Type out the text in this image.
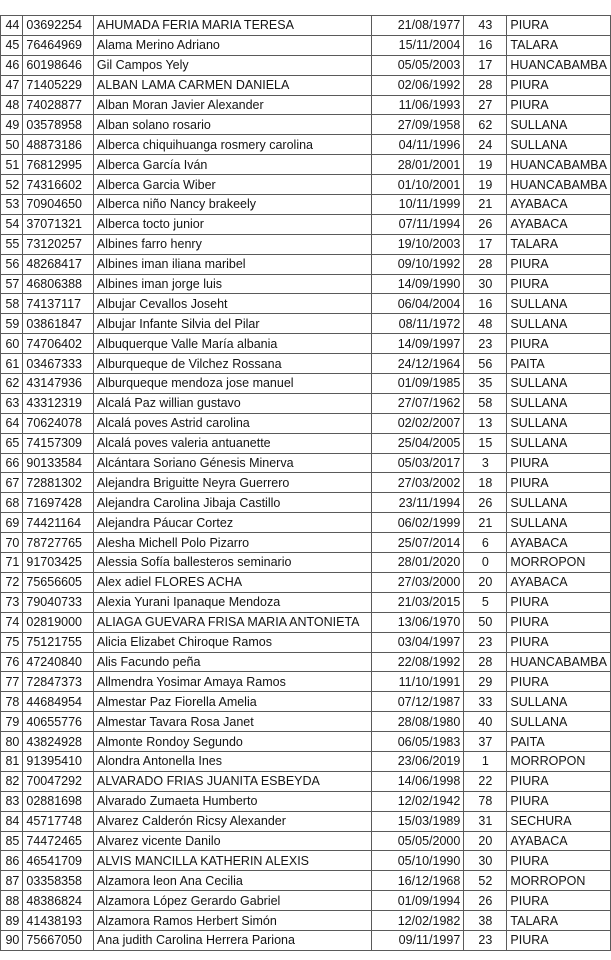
44	03692254	AHUMADA FERIA MARIA TERESA	21/08/1977	43	PIURA
45	76464969	Alama Merino Adriano	15/11/2004	16	TALARA
46	60198646	Gil Campos Yely	05/05/2003	17	HUANCABAMBA
47	71405229	ALBAN LAMA CARMEN DANIELA	02/06/1992	28	PIURA
48	74028877	Alban Moran Javier Alexander	11/06/1993	27	PIURA
49	03578958	Alban solano rosario	27/09/1958	62	SULLANA
50	48873186	Alberca chiquihuanga rosmery carolina	04/11/1996	24	SULLANA
51	76812995	Alberca García Iván	28/01/2001	19	HUANCABAMBA
52	74316602	Alberca Garcia Wiber	01/10/2001	19	HUANCABAMBA
53	70904650	Alberca niño Nancy brakeely	10/11/1999	21	AYABACA
54	37071321	Alberca tocto junior	07/11/1994	26	AYABACA
55	73120257	Albines farro henry	19/10/2003	17	TALARA
56	48268417	Albines iman iliana maribel	09/10/1992	28	PIURA
57	46806388	Albines iman jorge luis	14/09/1990	30	PIURA
58	74137117	Albujar Cevallos Joseht	06/04/2004	16	SULLANA
59	03861847	Albujar Infante Silvia del Pilar	08/11/1972	48	SULLANA
60	74706402	Albuquerque Valle María albania	14/09/1997	23	PIURA
61	03467333	Alburqueque de Vilchez Rossana	24/12/1964	56	PAITA
62	43147936	Alburqueque mendoza jose manuel	01/09/1985	35	SULLANA
63	43312319	Alcalá Paz willian gustavo	27/07/1962	58	SULLANA
64	70624078	Alcalá poves Astrid carolina	02/02/2007	13	SULLANA
65	74157309	Alcalá poves valeria antuanette	25/04/2005	15	SULLANA
66	90133584	Alcántara Soriano Génesis Minerva	05/03/2017	3	PIURA
67	72881302	Alejandra Briguitte Neyra Guerrero	27/03/2002	18	PIURA
68	71697428	Alejandra Carolina Jibaja Castillo	23/11/1994	26	SULLANA
69	74421164	Alejandra Páucar Cortez	06/02/1999	21	SULLANA
70	78727765	Alesha Michell Polo Pizarro	25/07/2014	6	AYABACA
71	91703425	Alessia Sofía ballesteros seminario	28/01/2020	0	MORROPON
72	75656605	Alex adiel FLORES ACHA	27/03/2000	20	AYABACA
73	79040733	Alexia Yurani Ipanaque Mendoza	21/03/2015	5	PIURA
74	02819000	ALIAGA GUEVARA FRISA MARIA ANTONIETA	13/06/1970	50	PIURA
75	75121755	Alicia Elizabet Chiroque Ramos	03/04/1997	23	PIURA
76	47240840	Alis Facundo peña	22/08/1992	28	HUANCABAMBA
77	72847373	Allmendra Yosimar Amaya Ramos	11/10/1991	29	PIURA
78	44684954	Almestar Paz Fiorella Amelia	07/12/1987	33	SULLANA
79	40655776	Almestar Tavara Rosa Janet	28/08/1980	40	SULLANA
80	43824928	Almonte Rondoy Segundo	06/05/1983	37	PAITA
81	91395410	Alondra Antonella Ines	23/06/2019	1	MORROPON
82	70047292	ALVARADO FRIAS JUANITA ESBEYDA	14/06/1998	22	PIURA
83	02881698	Alvarado Zumaeta Humberto	12/02/1942	78	PIURA
84	45717748	Alvarez Calderón Ricsy Alexander	15/03/1989	31	SECHURA
85	74472465	Alvarez vicente Danilo	05/05/2000	20	AYABACA
86	46541709	ALVIS MANCILLA KATHERIN ALEXIS	05/10/1990	30	PIURA
87	03358358	Alzamora leon Ana Cecilia	16/12/1968	52	MORROPON
88	48386824	Alzamora López Gerardo Gabriel	01/09/1994	26	PIURA
89	41438193	Alzamora Ramos Herbert Simón	12/02/1982	38	TALARA
90	75667050	Ana judith Carolina Herrera Pariona	09/11/1997	23	PIURA
